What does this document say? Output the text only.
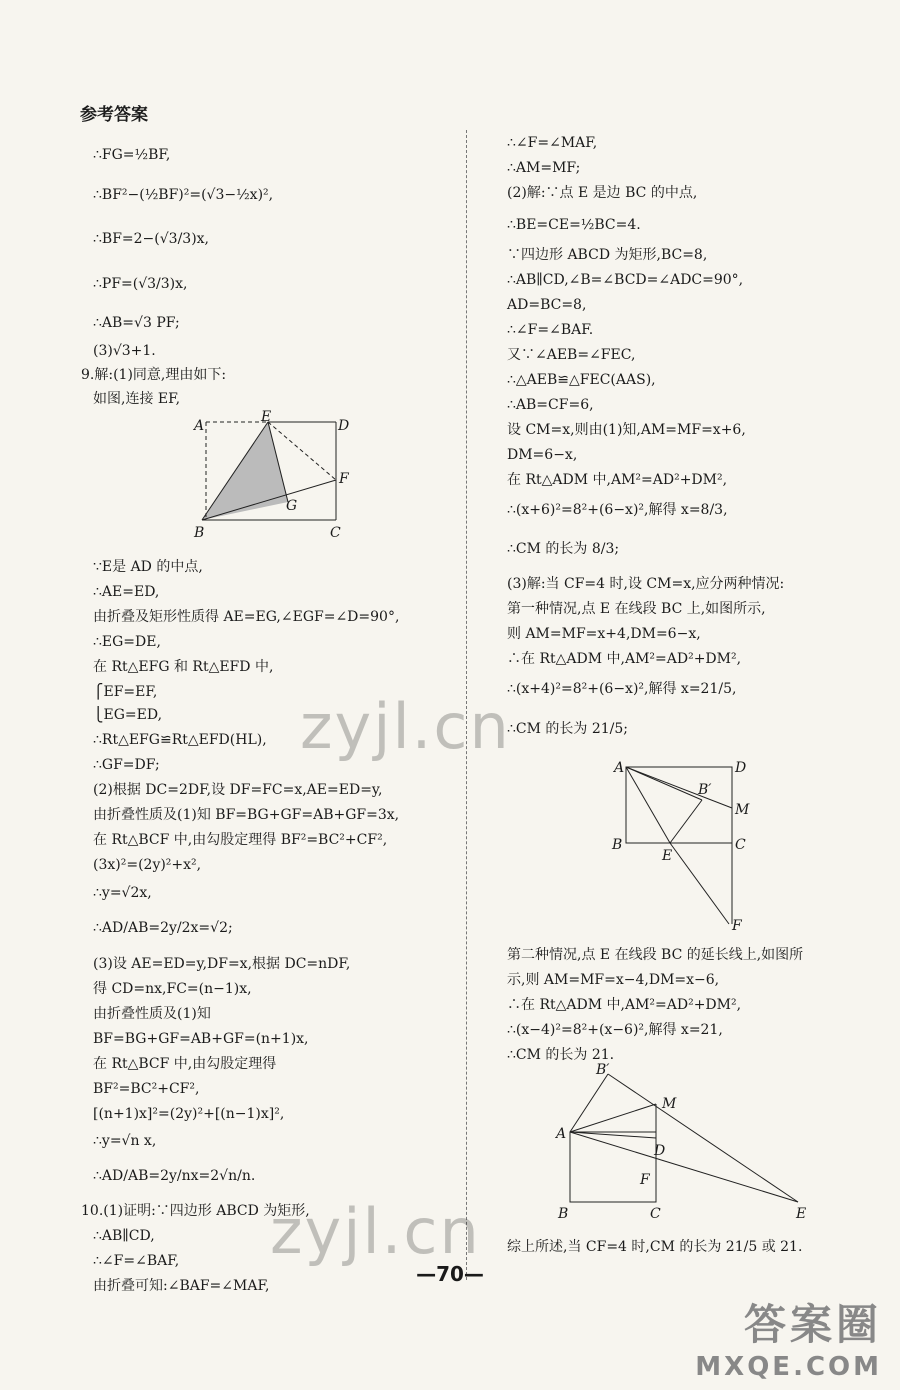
参考答案
∴FG=½BF,
∴BF²−(½BF)²=(√3−½x)²,
∴BF=2−(√3/3)x,
∴PF=(√3/3)x,
∴AB=√3 PF;
(3)√3+1.
9.解:(1)同意,理由如下:
如图,连接 EF,
∵E是 AD 的中点,
∴AE=ED,
由折叠及矩形性质得 AE=EG,∠EGF=∠D=90°,
∴EG=DE,
在 Rt△EFG 和 Rt△EFD 中,
⎧EF=EF,
⎩EG=ED,
∴Rt△EFG≌Rt△EFD(HL),
∴GF=DF;
(2)根据 DC=2DF,设 DF=FC=x,AE=ED=y,
由折叠性质及(1)知 BF=BG+GF=AB+GF=3x,
在 Rt△BCF 中,由勾股定理得 BF²=BC²+CF²,
(3x)²=(2y)²+x²,
∴y=√2x,
∴AD/AB=2y/2x=√2;
(3)设 AE=ED=y,DF=x,根据 DC=nDF,
得 CD=nx,FC=(n−1)x,
由折叠性质及(1)知
BF=BG+GF=AB+GF=(n+1)x,
在 Rt△BCF 中,由勾股定理得
BF²=BC²+CF²,
[(n+1)x]²=(2y)²+[(n−1)x]²,
∴y=√n x,
∴AD/AB=2y/nx=2√n/n.
10.(1)证明:∵四边形 ABCD 为矩形,
∴AB∥CD,
∴∠F=∠BAF,
由折叠可知:∠BAF=∠MAF,
∴∠F=∠MAF,
∴AM=MF;
(2)解:∵点 E 是边 BC 的中点,
∴BE=CE=½BC=4.
∵四边形 ABCD 为矩形,BC=8,
∴AB∥CD,∠B=∠BCD=∠ADC=90°,
AD=BC=8,
∴∠F=∠BAF.
又∵∠AEB=∠FEC,
∴△AEB≌△FEC(AAS),
∴AB=CF=6,
设 CM=x,则由(1)知,AM=MF=x+6,
DM=6−x,
在 Rt△ADM 中,AM²=AD²+DM²,
∴(x+6)²=8²+(6−x)²,解得 x=8/3,
∴CM 的长为 8/3;
(3)解:当 CF=4 时,设 CM=x,应分两种情况:
第一种情况,点 E 在线段 BC 上,如图所示,
则 AM=MF=x+4,DM=6−x,
∴在 Rt△ADM 中,AM²=AD²+DM²,
∴(x+4)²=8²+(6−x)²,解得 x=21/5,
∴CM 的长为 21/5;
第二种情况,点 E 在线段 BC 的延长线上,如图所
示,则 AM=MF=x−4,DM=x−6,
∴在 Rt△ADM 中,AM²=AD²+DM²,
∴(x−4)²=8²+(x−6)²,解得 x=21,
∴CM 的长为 21.
综上所述,当 CF=4 时,CM 的长为 21/5 或 21.
A
E
D
F
G
B	C
A	D
B′
M
B
E
C
F
B′
M
A
D
F
B	C	E
—70—
zyjl.cn
zyjl.cn
答案圈
MXQE.COM
